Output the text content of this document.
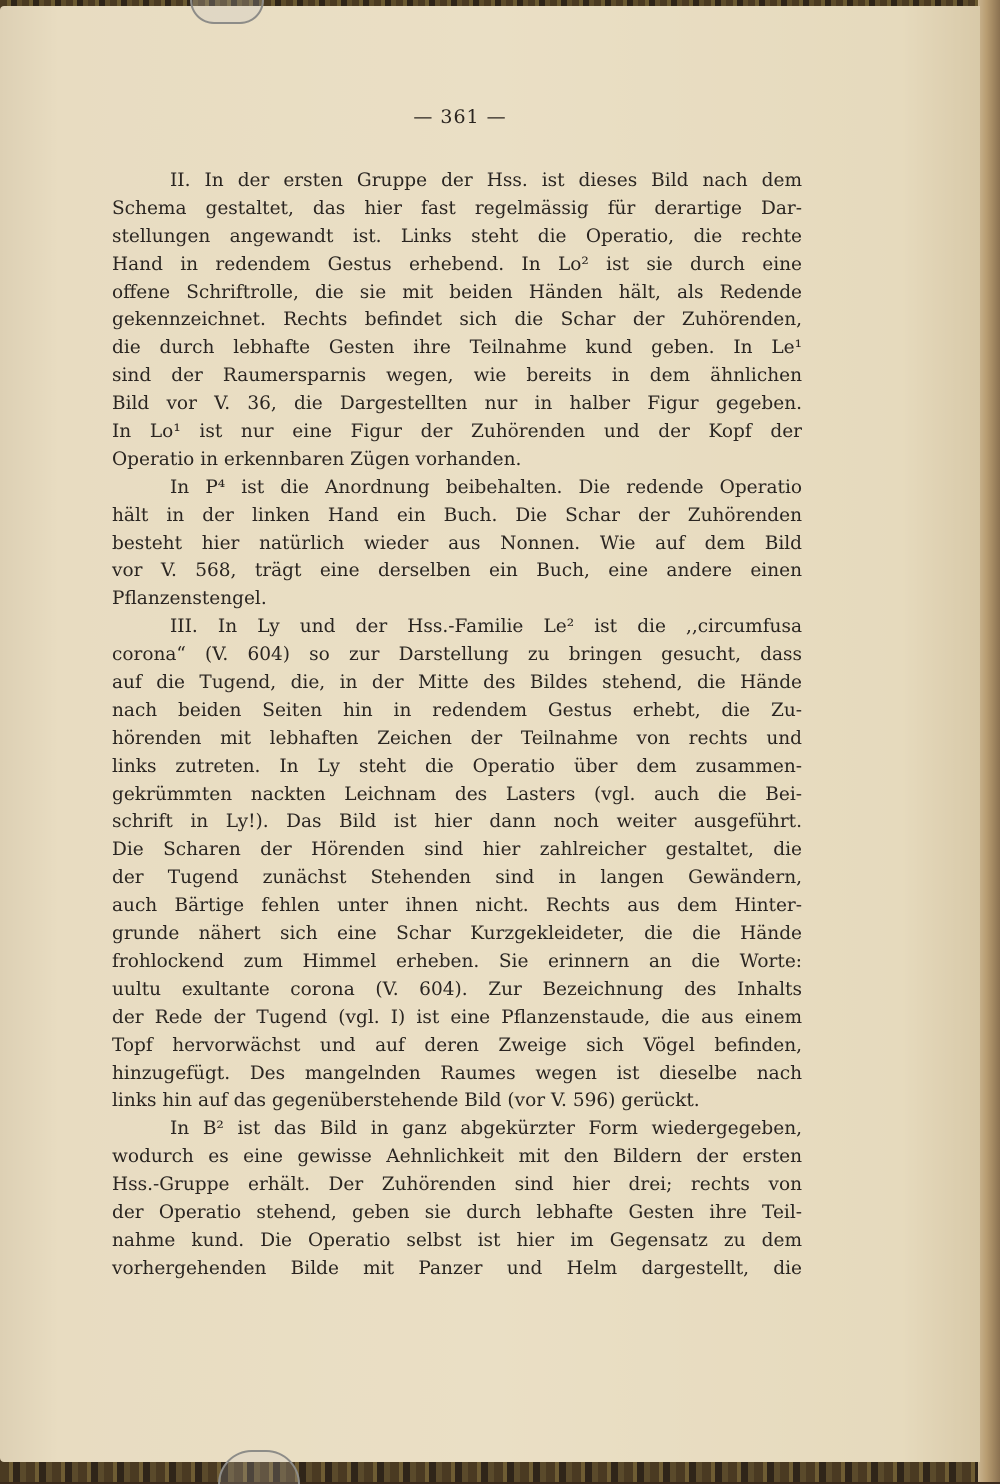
— 361 —
II. In der ersten Gruppe der Hss. ist dieses Bild nach dem
Schema gestaltet, das hier fast regelmässig für derartige Dar-
stellungen angewandt ist. Links steht die Operatio, die rechte
Hand in redendem Gestus erhebend. In Lo² ist sie durch eine
offene Schriftrolle, die sie mit beiden Händen hält, als Redende
gekennzeichnet. Rechts befindet sich die Schar der Zuhörenden,
die durch lebhafte Gesten ihre Teilnahme kund geben. In Le¹
sind der Raumersparnis wegen, wie bereits in dem ähnlichen
Bild vor V. 36, die Dargestellten nur in halber Figur gegeben.
In Lo¹ ist nur eine Figur der Zuhörenden und der Kopf der
Operatio in erkennbaren Zügen vorhanden.
In P⁴ ist die Anordnung beibehalten. Die redende Operatio
hält in der linken Hand ein Buch. Die Schar der Zuhörenden
besteht hier natürlich wieder aus Nonnen. Wie auf dem Bild
vor V. 568, trägt eine derselben ein Buch, eine andere einen
Pflanzenstengel.
III. In Ly und der Hss.-Familie Le² ist die ,,circumfusa
corona“ (V. 604) so zur Darstellung zu bringen gesucht, dass
auf die Tugend, die, in der Mitte des Bildes stehend, die Hände
nach beiden Seiten hin in redendem Gestus erhebt, die Zu-
hörenden mit lebhaften Zeichen der Teilnahme von rechts und
links zutreten. In Ly steht die Operatio über dem zusammen-
gekrümmten nackten Leichnam des Lasters (vgl. auch die Bei-
schrift in Ly!). Das Bild ist hier dann noch weiter ausgeführt.
Die Scharen der Hörenden sind hier zahlreicher gestaltet, die
der Tugend zunächst Stehenden sind in langen Gewändern,
auch Bärtige fehlen unter ihnen nicht. Rechts aus dem Hinter-
grunde nähert sich eine Schar Kurzgekleideter, die die Hände
frohlockend zum Himmel erheben. Sie erinnern an die Worte:
uultu exultante corona (V. 604). Zur Bezeichnung des Inhalts
der Rede der Tugend (vgl. I) ist eine Pflanzenstaude, die aus einem
Topf hervorwächst und auf deren Zweige sich Vögel befinden,
hinzugefügt. Des mangelnden Raumes wegen ist dieselbe nach
links hin auf das gegenüberstehende Bild (vor V. 596) gerückt.
In B² ist das Bild in ganz abgekürzter Form wiedergegeben,
wodurch es eine gewisse Aehnlichkeit mit den Bildern der ersten
Hss.-Gruppe erhält. Der Zuhörenden sind hier drei; rechts von
der Operatio stehend, geben sie durch lebhafte Gesten ihre Teil-
nahme kund. Die Operatio selbst ist hier im Gegensatz zu dem
vorhergehenden Bilde mit Panzer und Helm dargestellt, die
